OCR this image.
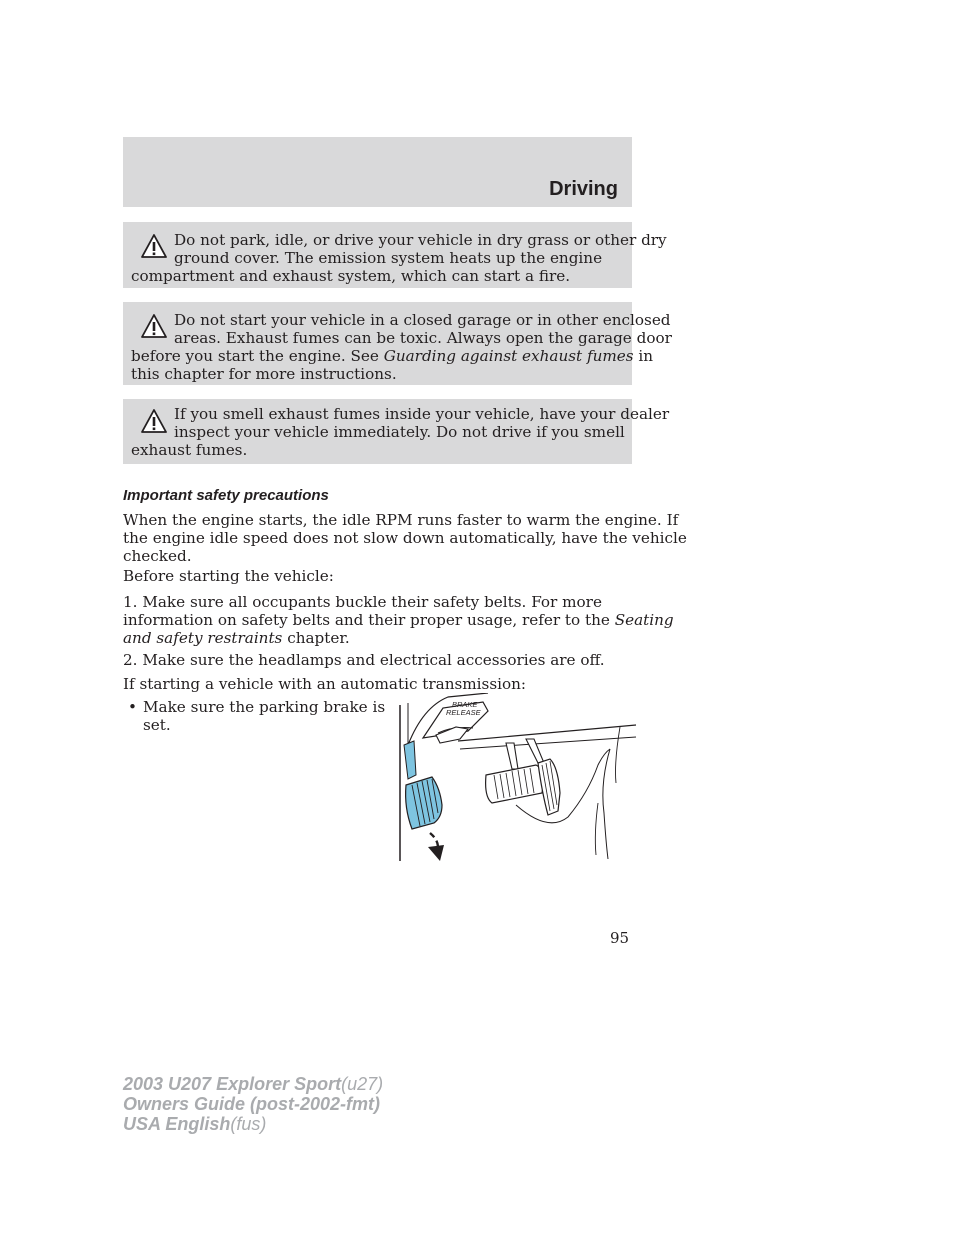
Driving
Do not park, idle, or drive your vehicle in dry grass or other dry
ground cover. The emission system heats up the engine
compartment and exhaust system, which can start a fire.
Do not start your vehicle in a closed garage or in other enclosed
areas. Exhaust fumes can be toxic. Always open the garage door
before you start the engine. See Guarding against exhaust fumes in
this chapter for more instructions.
If you smell exhaust fumes inside your vehicle, have your dealer
inspect your vehicle immediately. Do not drive if you smell
exhaust fumes.
Important safety precautions
When the engine starts, the idle RPM runs faster to warm the engine. If
the engine idle speed does not slow down automatically, have the vehicle
checked.
Before starting the vehicle:
1. Make sure all occupants buckle their safety belts. For more
information on safety belts and their proper usage, refer to the Seating
and safety restraints chapter.
2. Make sure the headlamps and electrical accessories are off.
If starting a vehicle with an automatic transmission:
• Make sure the parking brake is
set.
BRAKE
RELEASE
95
2003 U207 Explorer Sport(u27)
Owners Guide (post-2002-fmt)
USA English(fus)
